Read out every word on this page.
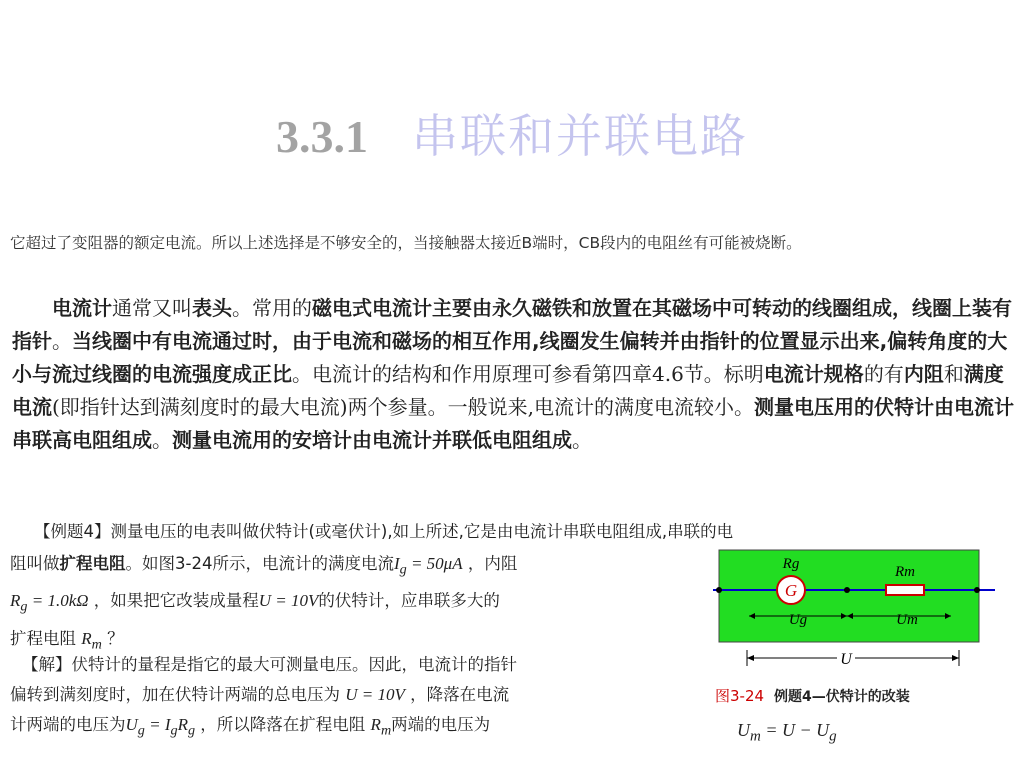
3.3.1 串联和并联电路
它超过了变阻器的额定电流。所以上述选择是不够安全的，当接触器太接近B端时，CB段内的电阻丝有可能被烧断。
电流计通常又叫表头。常用的磁电式电流计主要由永久磁铁和放置在其磁场中可转动的线圈组成，线圈上装有指针。当线圈中有电流通过时，由于电流和磁场的相互作用,线圈发生偏转并由指针的位置显示出来,偏转角度的大小与流过线圈的电流强度成正比。电流计的结构和作用原理可参看第四章4.6节。标明电流计规格的有内阻和满度电流(即指针达到满刻度时的最大电流)两个参量。一般说来,电流计的满度电流较小。测量电压用的伏特计由电流计串联高电阻组成。测量电流用的安培计由电流计并联低电阻组成。
【例题4】测量电压的电表叫做伏特计(或毫伏计),如上所述,它是由电流计串联电阻组成,串联的电
阻叫做扩程电阻。如图3-24所示，电流计的满度电流$I_g = 50\mu A$ ，内阻
$R_g = 1.0k\Omega$ ，如果把它改装成量程U = 10V的伏特计，应串联多大的
扩程电阻 $R_m$ ？
【解】伏特计的量程是指它的最大可测量电压。因此，电流计的指针
偏转到满刻度时，加在伏特计两端的总电压为 U = 10V ，降落在电流
计两端的电压为$U_g = I_gR_g$ ，所以降落在扩程电阻 $R_m$两端的电压为
G
Rg	Rm
Ug	Um
U
图3-24 例题4—伏特计的改装
$U_m = U - U_g$
